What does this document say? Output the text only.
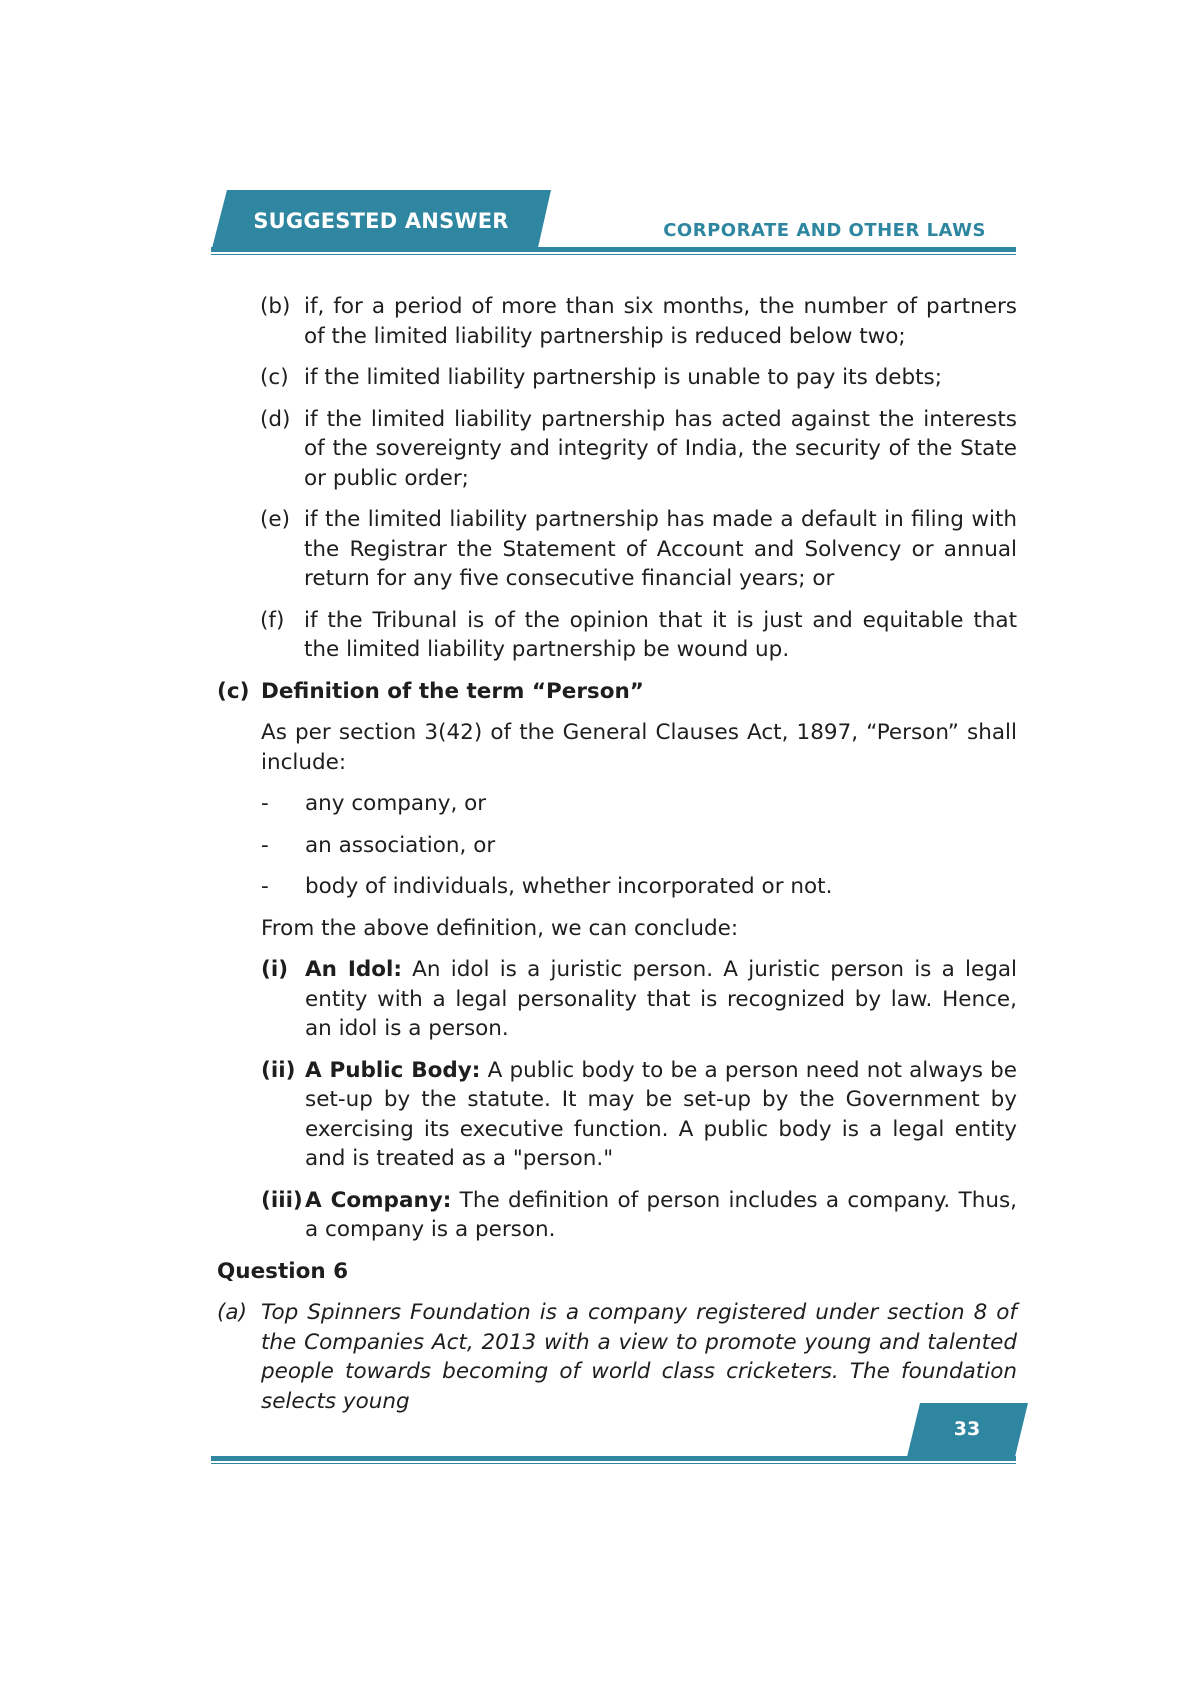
SUGGESTED ANSWER	CORPORATE AND OTHER LAWS
(b) if, for a period of more than six months, the number of partners of the limited liability partnership is reduced below two;
(c) if the limited liability partnership is unable to pay its debts;
(d) if the limited liability partnership has acted against the interests of the sovereignty and integrity of India, the security of the State or public order;
(e) if the limited liability partnership has made a default in filing with the Registrar the Statement of Account and Solvency or annual return for any five consecutive financial years; or
(f) if the Tribunal is of the opinion that it is just and equitable that the limited liability partnership be wound up.
(c) Definition of the term “Person”
As per section 3(42) of the General Clauses Act, 1897, “Person” shall include:
-	any company, or
-	an association, or
-	body of individuals, whether incorporated or not.
From the above definition, we can conclude:
(i) An Idol: An idol is a juristic person. A juristic person is a legal entity with a legal personality that is recognized by law. Hence, an idol is a person.
(ii) A Public Body: A public body to be a person need not always be set-up by the statute. It may be set-up by the Government by exercising its executive function. A public body is a legal entity and is treated as a "person."
(iii) A Company: The definition of person includes a company. Thus, a company is a person.
Question 6
(a) Top Spinners Foundation is a company registered under section 8 of the Companies Act, 2013 with a view to promote young and talented people towards becoming of world class cricketers. The foundation selects young
33
